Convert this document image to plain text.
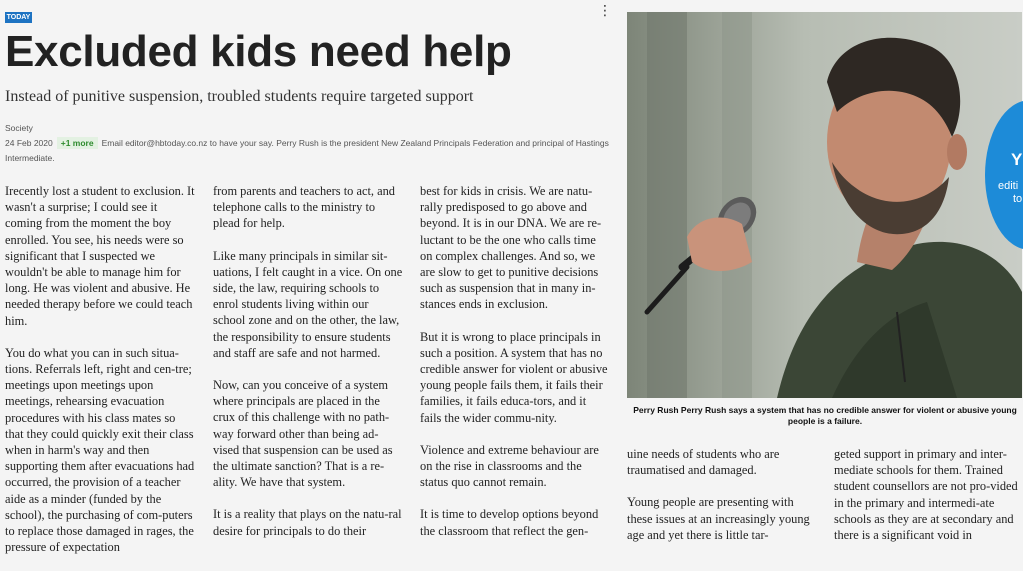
TODAY	⋮
Excluded kids need help

Instead of punitive suspension, troubled students require targeted support

Society
24 Feb 2020 +1 more Email editor@hbtoday.co.nz to have your say. Perry Rush is the president New Zealand Principals Federation and principal of Hastings Intermediate.

Irecently lost a student to exclusion. It wasn't a surprise; I could see it coming from the moment the boy enrolled. You see, his needs were so significant that I suspected we wouldn't be able to manage him for long. He was violent and abusive. He needed therapy before we could teach him.

You do what you can in such situa-tions. Referrals left, right and cen-tre; meetings upon meetings upon meetings, rehearsing evacuation procedures with his class mates so that they could quickly exit their class when in harm's way and then supporting them after evacuations had occurred, the provision of a teacher aide as a minder (funded by the school), the purchasing of com-puters to replace those damaged in rages, the pressure of expectation

from parents and teachers to act, and telephone calls to the ministry to plead for help.

Like many principals in similar sit-uations, I felt caught in a vice. On one side, the law, requiring schools to enrol students living within our school zone and on the other, the law, the responsibility to ensure students and staff are safe and not harmed.

Now, can you conceive of a system where principals are placed in the crux of this challenge with no path-way forward other than being ad-vised that suspension can be used as the ultimate sanction? That is a re-ality. We have that system.

It is a reality that plays on the natu-ral desire for principals to do their

best for kids in crisis. We are natu-rally predisposed to go above and beyond. It is in our DNA. We are re-luctant to be the one who calls time on complex challenges. And so, we are slow to get to punitive decisions such as suspension that in many in-stances ends in exclusion.

But it is wrong to place principals in such a position. A system that has no credible answer for violent or abusive young people fails them, it fails their families, it fails educa-tors, and it fails the wider commu-nity.

Violence and extreme behaviour are on the rise in classrooms and the status quo cannot remain.

It is time to develop options beyond the classroom that reflect the gen-

uine needs of students who are traumatised and damaged.

Young people are presenting with these issues at an increasingly young age and yet there is little tar-

geted support in primary and inter-mediate schools for them. Trained student counsellors are not pro-vided in the primary and intermedi-ate schools as they are at secondary and there is a significant void in

Y
editi
to

Perry Rush Perry Rush says a system that has no credible answer for violent or abusive young people is a failure.
